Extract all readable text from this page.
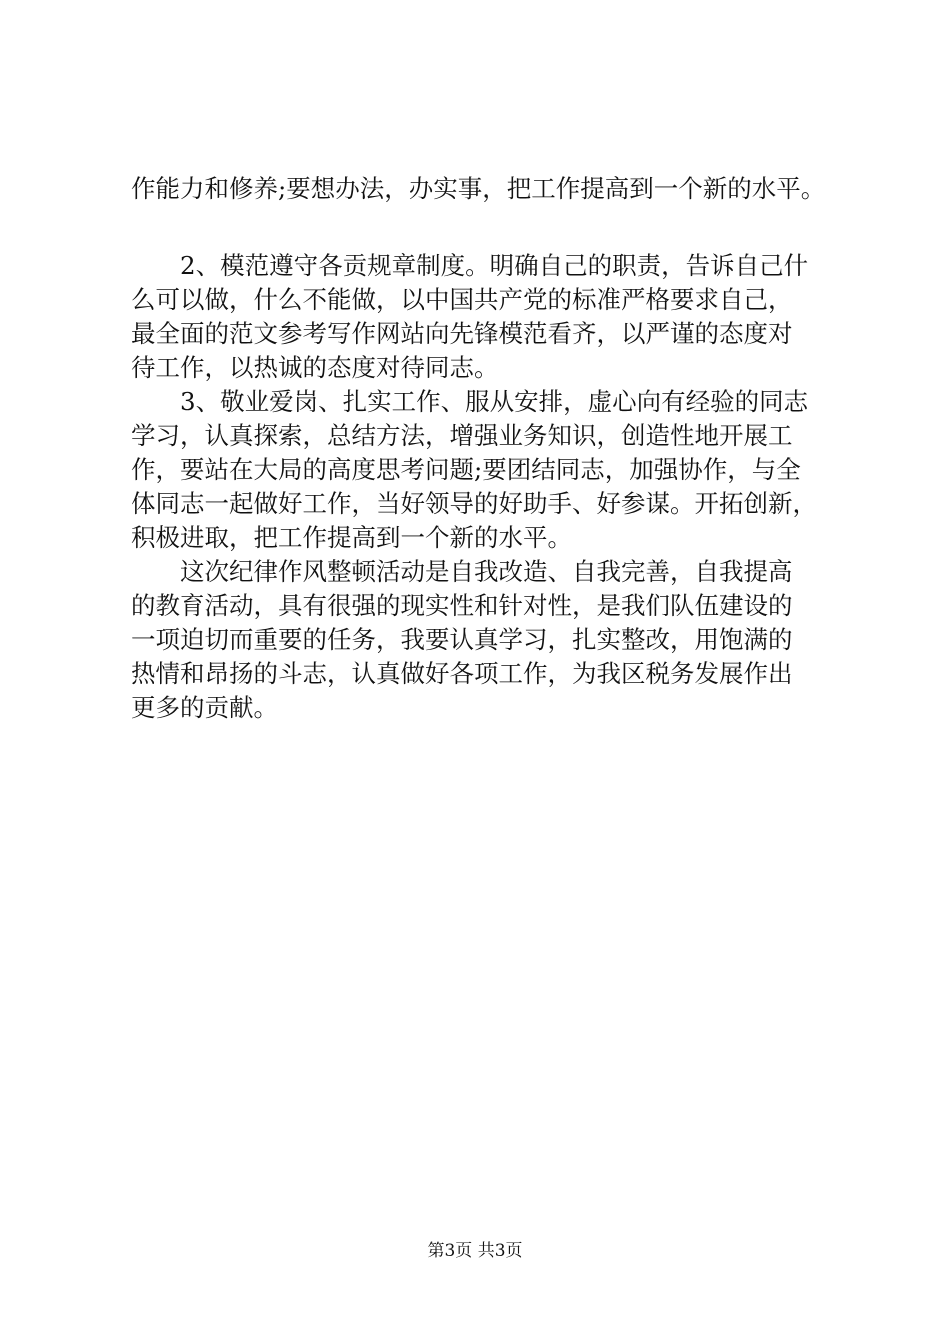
作能力和修养;要想办法，办实事，把工作提高到一个新的水平。

2、模范遵守各贡规章制度。明确自己的职责，告诉自己什
么可以做，什么不能做，以中国共产党的标准严格要求自己，
最全面的范文参考写作网站向先锋模范看齐，以严谨的态度对
待工作，以热诚的态度对待同志。

3、敬业爱岗、扎实工作、服从安排，虚心向有经验的同志
学习，认真探索，总结方法，增强业务知识，创造性地开展工
作，要站在大局的高度思考问题;要团结同志，加强协作，与全
体同志一起做好工作，当好领导的好助手、好参谋。开拓创新，
积极进取，把工作提高到一个新的水平。

这次纪律作风整顿活动是自我改造、自我完善，自我提高
的教育活动，具有很强的现实性和针对性，是我们队伍建设的
一项迫切而重要的任务，我要认真学习，扎实整改，用饱满的
热情和昂扬的斗志，认真做好各项工作，为我区税务发展作出
更多的贡献。

第3页 共3页
